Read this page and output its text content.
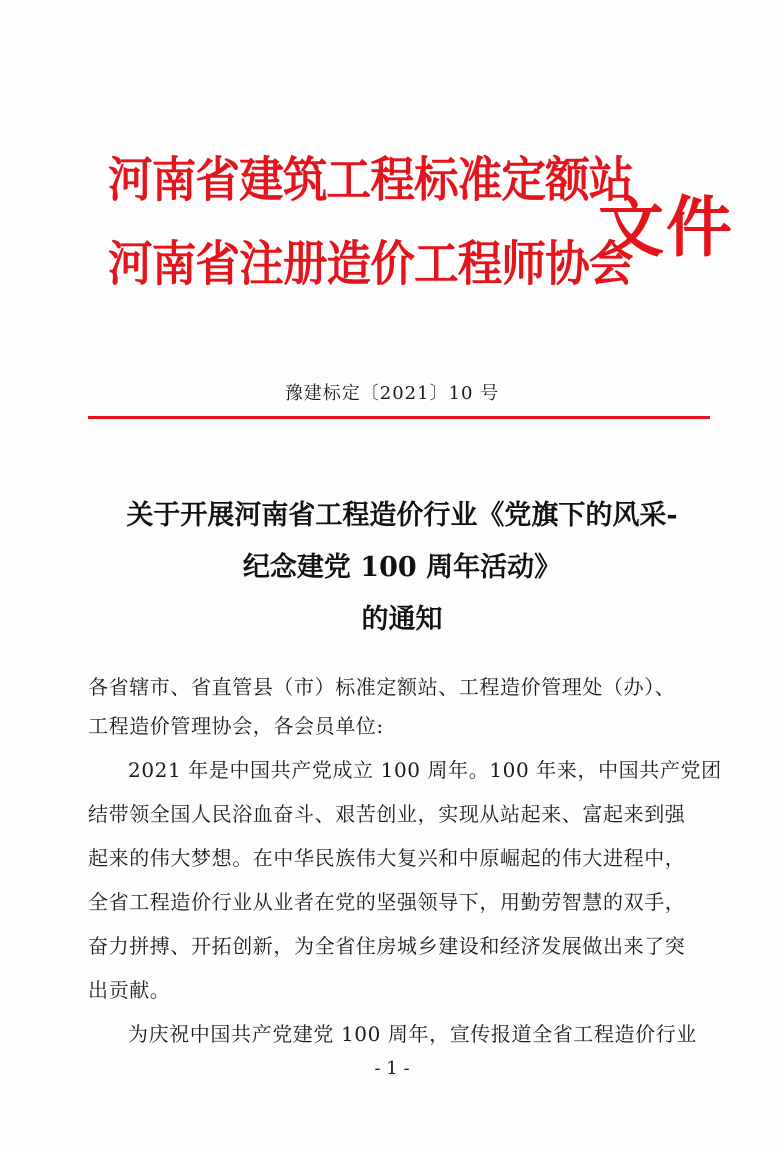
河南省建筑工程标准定额站
河南省注册造价工程师协会
文件
豫建标定〔2021〕10 号
关于开展河南省工程造价行业《党旗下的风采-
纪念建党 100 周年活动》
的通知
各省辖市、省直管县（市）标准定额站、工程造价管理处（办）、
工程造价管理协会，各会员单位:
2021 年是中国共产党成立 100 周年。100 年来，中国共产党团
结带领全国人民浴血奋斗、艰苦创业，实现从站起来、富起来到强
起来的伟大梦想。在中华民族伟大复兴和中原崛起的伟大进程中，
全省工程造价行业从业者在党的坚强领导下，用勤劳智慧的双手，
奋力拼搏、开拓创新，为全省住房城乡建设和经济发展做出来了突
出贡献。
为庆祝中国共产党建党 100 周年，宣传报道全省工程造价行业
- 1 -
